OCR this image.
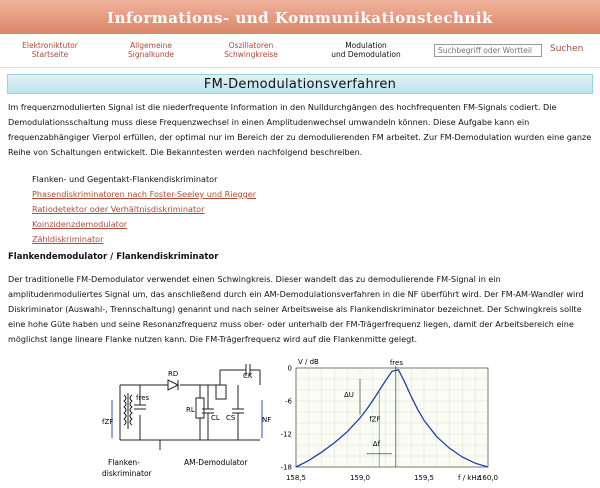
Informations- und Kommunikationstechnik
Elektroniktutor
Startseite
Allgemeine
Signalkunde
Oszillatoren
Schwingkreise
Modulation
und Demodulation
Suchbegriff oder Wortteil
Suchen
FM-Demodulationsverfahren
Im frequenzmodulierten Signal ist die niederfrequente Information in den Nulldurchgängen des hochfrequenten FM-Signals codiert. Die Demodulationsschaltung muss diese Frequenzwechsel in einen Amplitudenwechsel umwandeln können. Diese Aufgabe kann ein frequenzabhängiger Vierpol erfüllen, der optimal nur im Bereich der zu demodulierenden FM arbeitet. Zur FM-Demodulation wurden eine ganze Reihe von Schaltungen entwickelt. Die Bekanntesten werden nachfolgend beschreiben.
Flanken- und Gegentakt-Flankendiskriminator
Phasendiskriminatoren nach Foster-Seeley und Riegger
Ratiodetektor oder Verhältnisdiskriminator
Koinzidenzdemodulator
Zähldiskriminator
Flankendemodulator / Flankendiskriminator
Der traditionelle FM-Demodulator verwendet einen Schwingkreis. Dieser wandelt das zu demodulierende FM-Signal in ein amplitudenmoduliertes Signal um, das anschließend durch ein AM-Demodulationsverfahren in die NF überführt wird. Der FM-AM-Wandler wird Diskriminator (Auswahl-, Trennschaltung) genannt und nach seiner Arbeitsweise als Flankendiskriminator bezeichnet. Der Schwingkreis sollte eine hohe Güte haben und seine Resonanzfrequenz muss ober- oder unterhalb der FM-Trägerfrequenz liegen, damit der Arbeitsbereich eine möglichst lange lineare Flanke nutzen kann. Die FM-Trägerfrequenz wird auf die Flankenmitte gelegt.
RD	CK
fres
RL
CL CS
fZF	NF
Flanken-
diskriminator
AM-Demodulator
158,5	159,0	159,5	160,0
0
-6
-12
-18
V / dB
f / kHz
fres
ΔU
fZF
Δf
